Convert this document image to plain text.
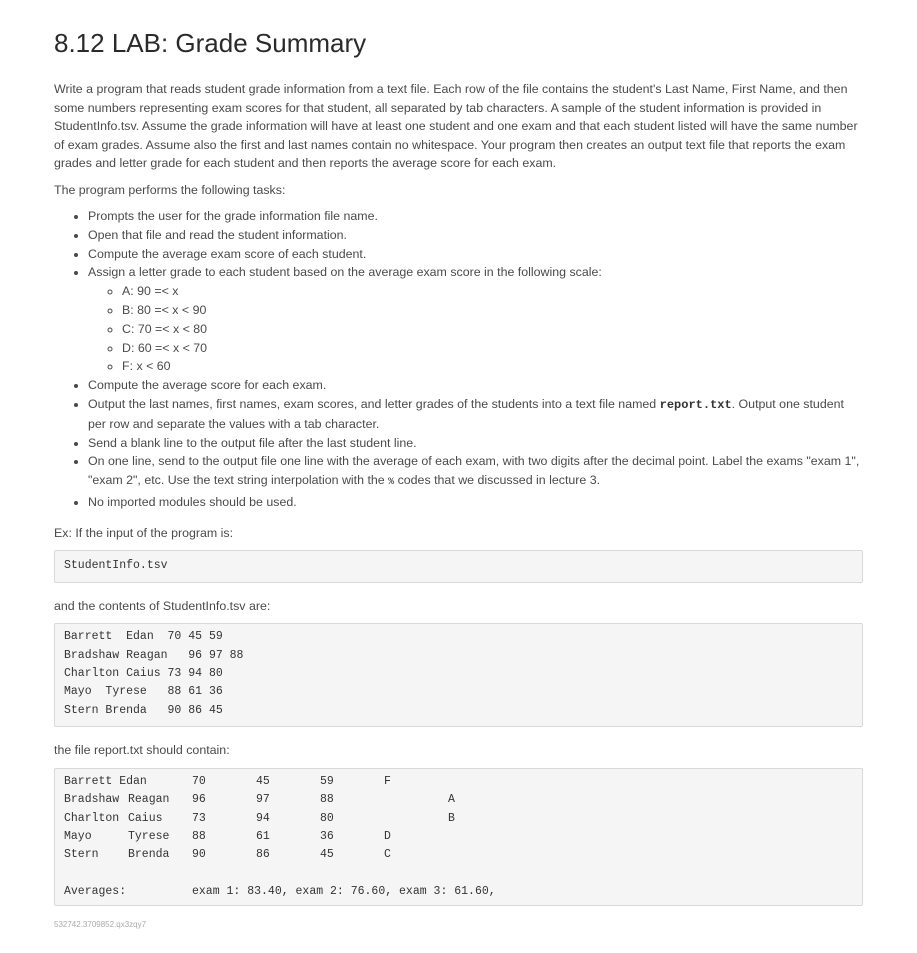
8.12 LAB: Grade Summary

Write a program that reads student grade information from a text file. Each row of the file contains the student's Last Name, First Name, and then some numbers representing exam scores for that student, all separated by tab characters. A sample of the student information is provided in StudentInfo.tsv. Assume the grade information will have at least one student and one exam and that each student listed will have the same number of exam grades. Assume also the first and last names contain no whitespace. Your program then creates an output text file that reports the exam grades and letter grade for each student and then reports the average score for each exam.

The program performs the following tasks:

• Prompts the user for the grade information file name.
• Open that file and read the student information.
• Compute the average exam score of each student.
• Assign a letter grade to each student based on the average exam score in the following scale:
◦ A: 90 =< x
◦ B: 80 =< x < 90
◦ C: 70 =< x < 80
◦ D: 60 =< x < 70
◦ F: x < 60
• Compute the average score for each exam.
• Output the last names, first names, exam scores, and letter grades of the students into a text file named report.txt. Output one student per row and separate the values with a tab character.
• Send a blank line to the output file after the last student line.
• On one line, send to the output file one line with the average of each exam, with two digits after the decimal point. Label the exams "exam 1", "exam 2", etc. Use the text string interpolation with the % codes that we discussed in lecture 3.
• No imported modules should be used.

Ex: If the input of the program is:

StudentInfo.tsv

and the contents of StudentInfo.tsv are:

Barrett	Edan	70	45	59
Bradshaw	Reagan	96	97	88
Charlton	Caius	73	94	80
Mayo	Tyrese	88	61	36
Stern	Brenda	90	86	45

the file report.txt should contain:

Barrett Edan		70	45	59	F	
Bradshaw	Reagan	96	97	88		A
Charlton	Caius	73	94	80		B
Mayo	Tyrese	88	61	36	D	
Stern	Brenda	90	86	45	C	
Averages:	exam 1: 83.40, exam 2: 76.60, exam 3: 61.60,
532742.3709852.qx3zqy7
